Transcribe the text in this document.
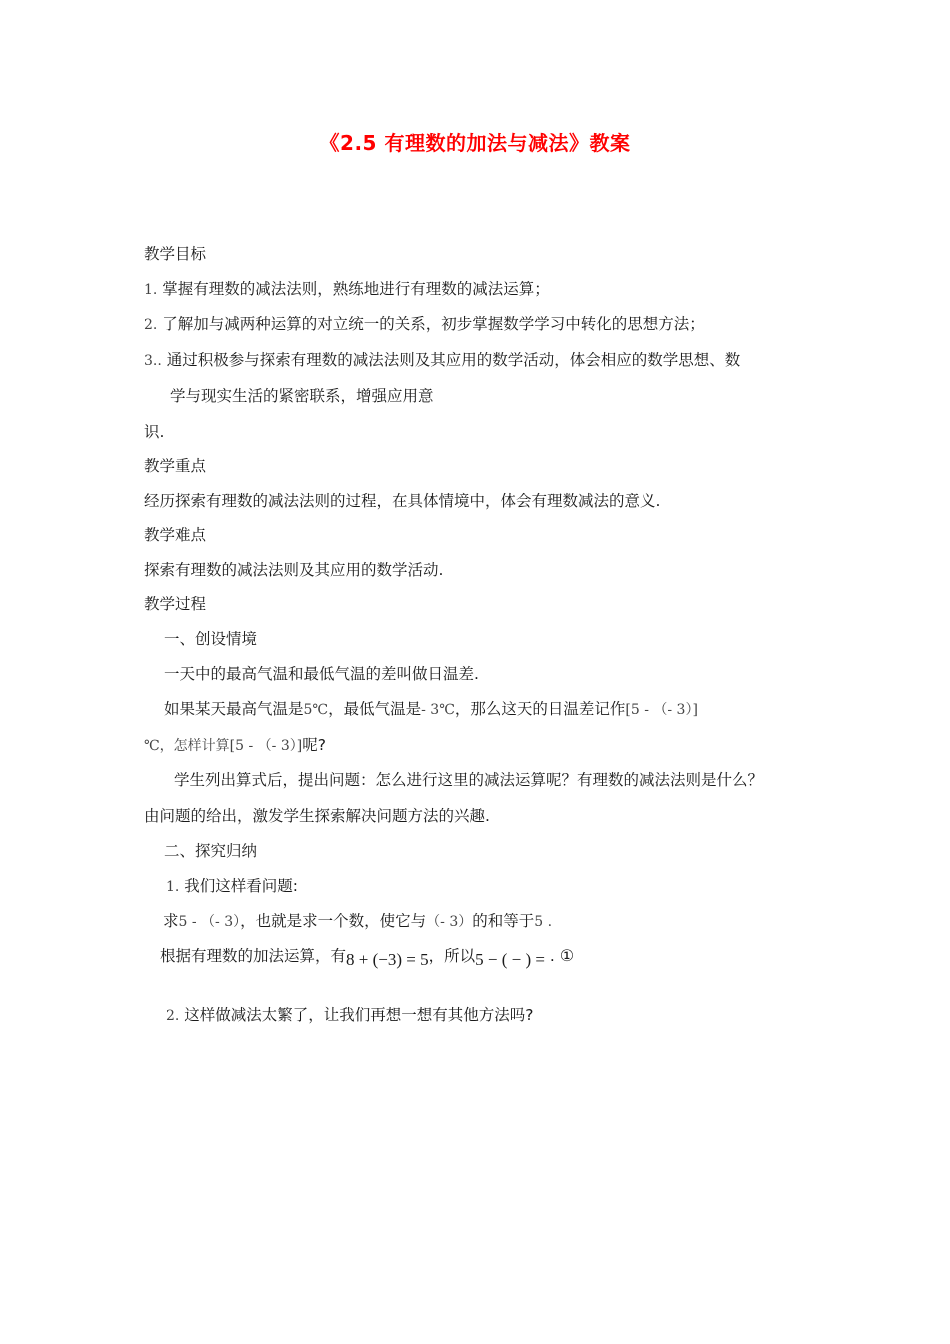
《2.5 有理数的加法与减法》教案
教学目标
1. 掌握有理数的减法法则，熟练地进行有理数的减法运算；
2. 了解加与减两种运算的对立统一的关系，初步掌握数学学习中转化的思想方法；
3.. 通过积极参与探索有理数的减法法则及其应用的数学活动，体会相应的数学思想、数
学与现实生活的紧密联系，增强应用意
识.
教学重点
经历探索有理数的减法法则的过程，在具体情境中，体会有理数减法的意义.
教学难点
探索有理数的减法法则及其应用的数学活动.
教学过程
一、创设情境
一天中的最高气温和最低气温的差叫做日温差.
如果某天最高气温是5℃，最低气温是- 3℃，那么这天的日温差记作[5 - （- 3）]
℃，怎样计算[5 - （- 3）]呢?
学生列出算式后，提出问题：怎么进行这里的减法运算呢？有理数的减法法则是什么？
由问题的给出，激发学生探索解决问题方法的兴趣.
二、探究归纳
1. 我们这样看问题:
求5 - （- 3），也就是求一个数，使它与（- 3）的和等于5 .
根据有理数的加法运算，有8 + (−3) = 5，所以5 − ( − ) = . ①
2. 这样做减法太繁了，让我们再想一想有其他方法吗?
